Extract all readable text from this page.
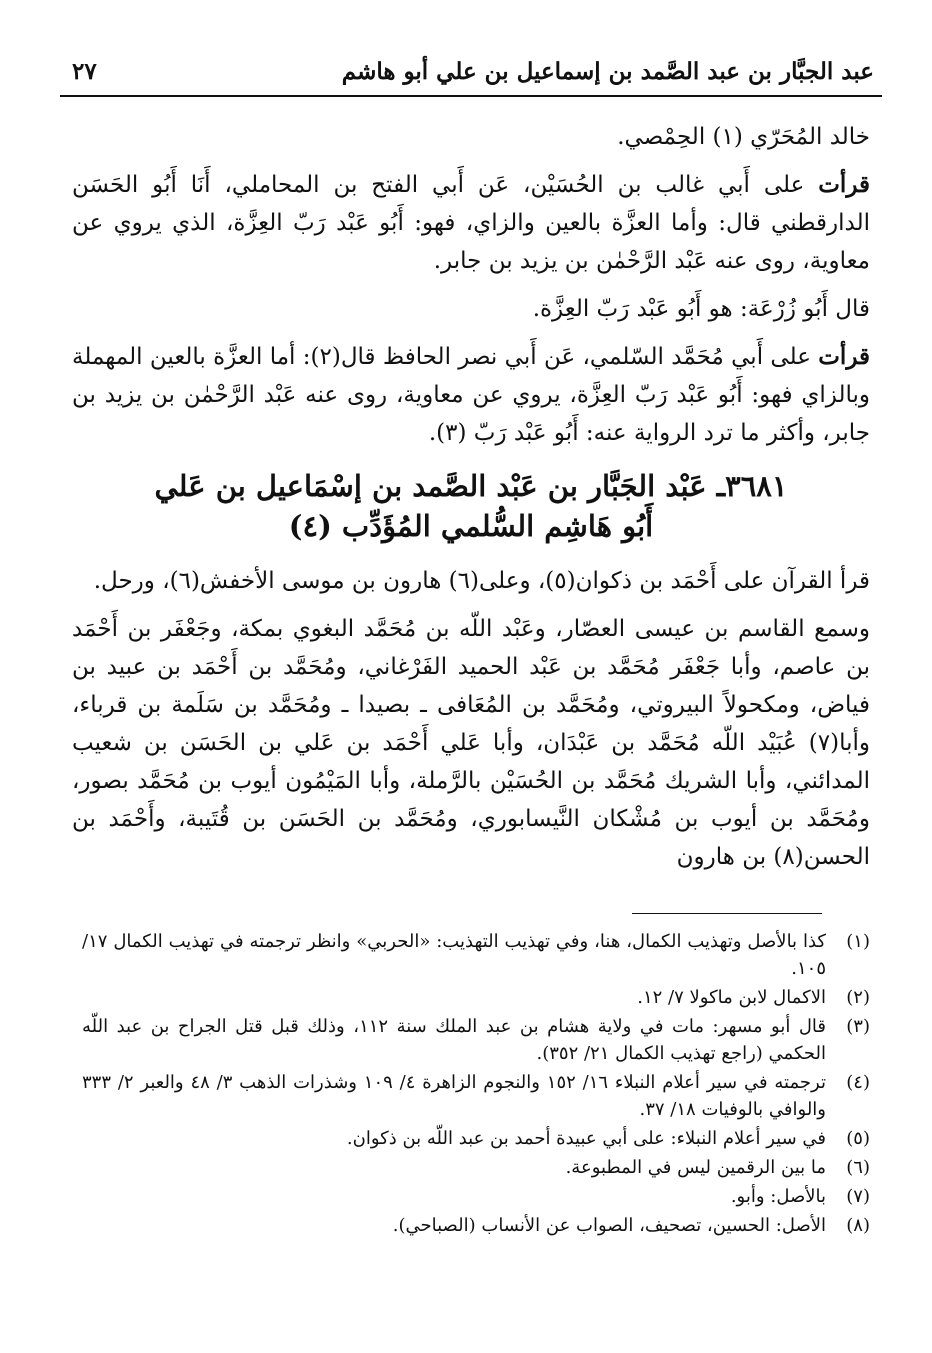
عبد الجبَّار بن عبد الصَّمد بن إسماعيل بن علي أبو هاشم
٢٧

خالد المُحَرّي (١) الحِمْصي.

قرأت على أَبي غالب بن الحُسَيْن، عَن أَبي الفتح بن المحاملي، أَنَا أَبُو الحَسَن الدارقطني قال: وأما العزَّة بالعين والزاي، فهو: أَبُو عَبْد رَبّ العِزَّة، الذي يروي عن معاوية، روى عنه عَبْد الرَّحْمٰن بن يزيد بن جابر.

قال أَبُو زُرْعَة: هو أَبُو عَبْد رَبّ العِزَّة.

قرأت على أَبي مُحَمَّد السّلمي، عَن أَبي نصر الحافظ قال(٢): أما العزَّة بالعين المهملة وبالزاي فهو: أَبُو عَبْد رَبّ العِزَّة، يروي عن معاوية، روى عنه عَبْد الرَّحْمٰن بن يزيد بن جابر، وأكثر ما ترد الرواية عنه: أَبُو عَبْد رَبّ (٣).

٣٦٨١ـ عَبْد الجَبَّار بن عَبْد الصَّمد بن إسْمَاعيل بن عَلي
أَبُو هَاشِم السُّلمي المُؤَدِّب (٤)

قرأ القرآن على أَحْمَد بن ذكوان(٥)، وعلى(٦) هارون بن موسى الأخفش(٦)، ورحل.

وسمع القاسم بن عيسى العصّار، وعَبْد اللّه بن مُحَمَّد البغوي بمكة، وجَعْفَر بن أَحْمَد بن عاصم، وأبا جَعْفَر مُحَمَّد بن عَبْد الحميد الفَرْغاني، ومُحَمَّد بن أَحْمَد بن عبيد بن فياض، ومكحولاً البيروتي، ومُحَمَّد بن المُعَافى ـ بصيدا ـ ومُحَمَّد بن سَلَمة بن قرباء، وأبا(٧) عُبَيْد اللّه مُحَمَّد بن عَبْدَان، وأبا عَلي أَحْمَد بن عَلي بن الحَسَن بن شعيب المدائني، وأبا الشريك مُحَمَّد بن الحُسَيْن بالرَّملة، وأبا المَيْمُون أيوب بن مُحَمَّد بصور، ومُحَمَّد بن أيوب بن مُشْكان النَّيسابوري، ومُحَمَّد بن الحَسَن بن قُتَيبة، وأَحْمَد بن الحسن(٨) بن هارون

(١)
كذا بالأصل وتهذيب الكمال، هنا، وفي تهذيب التهذيب: «الحربي» وانظر ترجمته في تهذيب الكمال ١٧/ ١٠٥.
(٢)
الاكمال لابن ماكولا ٧/ ١٢.
(٣)
قال أبو مسهر: مات في ولاية هشام بن عبد الملك سنة ١١٢، وذلك قبل قتل الجراح بن عبد اللّه الحكمي (راجع تهذيب الكمال ٢١/ ٣٥٢).
(٤)
ترجمته في سير أعلام النبلاء ١٦/ ١٥٢ والنجوم الزاهرة ٤/ ١٠٩ وشذرات الذهب ٣/ ٤٨ والعبر ٢/ ٣٣٣ والوافي بالوفيات ١٨/ ٣٧.
(٥)
في سير أعلام النبلاء: على أبي عبيدة أحمد بن عبد اللّه بن ذكوان.
(٦)
ما بين الرقمين ليس في المطبوعة.
(٧)
بالأصل: وأبو.
(٨)
الأصل: الحسين، تصحيف، الصواب عن الأنساب (الصباحي).
